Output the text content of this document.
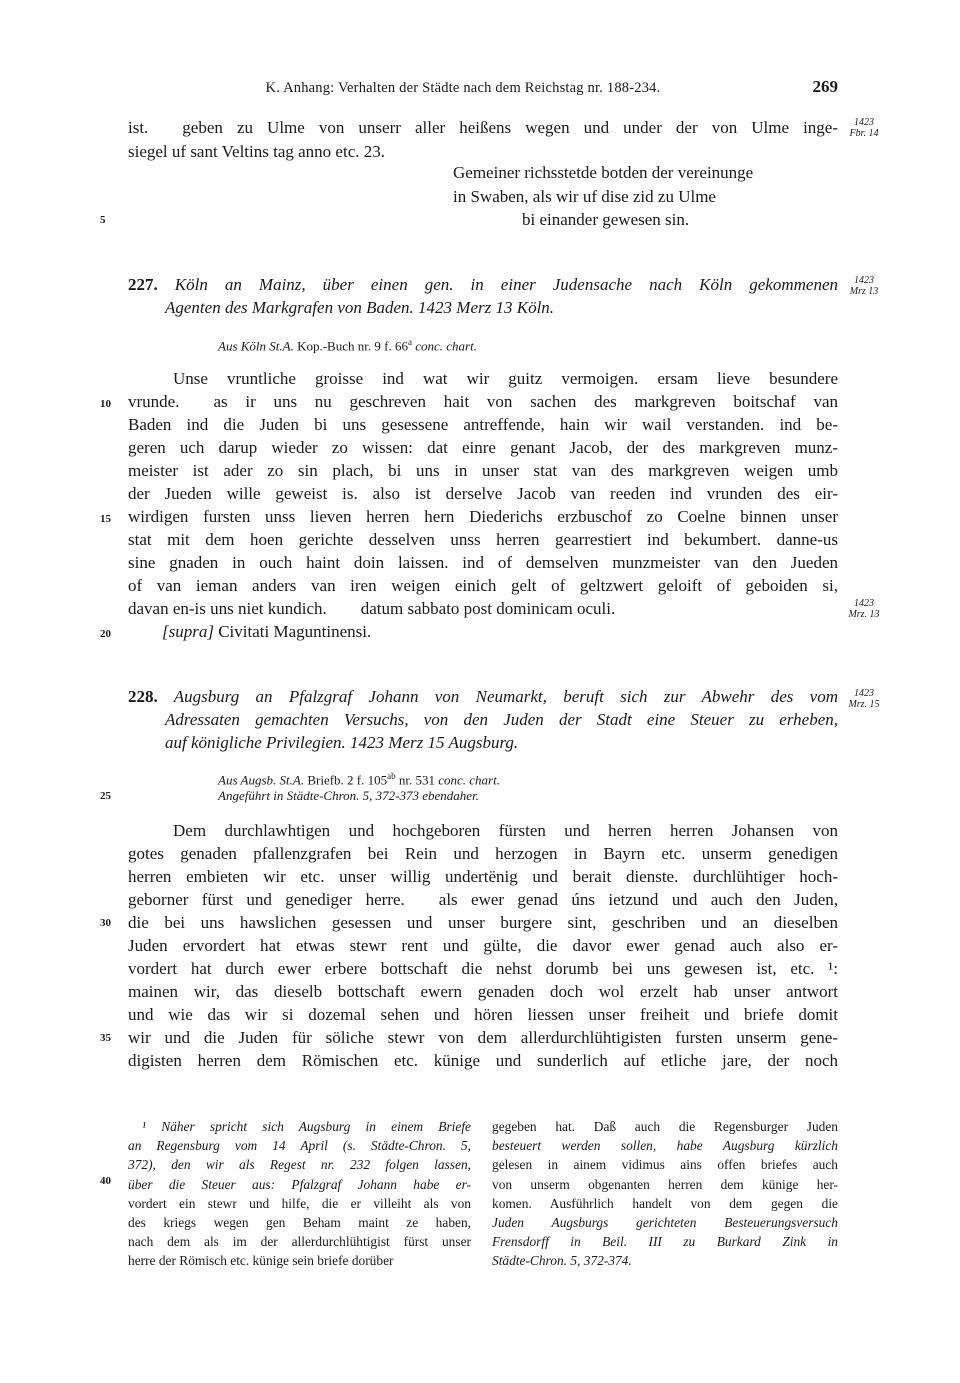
K. Anhang: Verhalten der Städte nach dem Reichstag nr. 188-234.	269
ist.  geben zu Ulme von unserr aller heißens wegen und under der von Ulme inge-
siegel uf sant Veltins tag anno etc. 23.
Gemeiner richsstetde botden der vereinunge
in Swaben, als wir uf dise zid zu Ulme
bi einander gewesen sin.
Unse vruntliche groisse ind wat wir guitz vermoigen. ersam lieve besundere
vrunde.  as ir uns nu geschreven hait von sachen des markgreven boitschaf van
Baden ind die Juden bi uns gesessene antreffende, hain wir wail verstanden. ind be-
geren uch darup wieder zo wissen: dat einre genant Jacob, der des markgreven munz-
meister ist ader zo sin plach, bi uns in unser stat van des markgreven weigen umb
der Jueden wille geweist is. also ist derselve Jacob van reeden ind vrunden des eir-
wirdigen fursten unss lieven herren hern Diederichs erzbuschof zo Coelne binnen unser
stat mit dem hoen gerichte desselven unss herren gearrestiert ind bekumbert. danne-us
sine gnaden in ouch haint doin laissen. ind of demselven munzmeister van den Jueden
of van ieman anders van iren weigen einich gelt of geltzwert geloift of geboiden si,
davan en-is uns niet kundich.  datum sabbato post dominicam oculi.
Dem durchlawhtigen und hochgeboren fürsten und herren herren Johansen von
gotes genaden pfallenzgrafen bei Rein und herzogen in Bayrn etc. unserm genedigen
herren embieten wir etc. unser willig undertënig und berait dienste. durchlühtiger hoch-
geborner fürst und genediger herre.  als ewer genad úns ietzund und auch den Juden,
die bei uns hawslichen gesessen und unser burgere sint, geschriben und an dieselben
Juden ervordert hat etwas stewr rent und gülte, die davor ewer genad auch also er-
vordert hat durch ewer erbere bottschaft die nehst dorumb bei uns gewesen ist, etc. ¹:
mainen wir, das dieselb bottschaft ewern genaden doch wol erzelt hab unser antwort
und wie das wir si dozemal sehen und hören liessen unser freiheit und briefe domit
wir und die Juden für söliche stewr von dem allerdurchlühtigisten fursten unserm gene-
digisten herren dem Römischen etc. künige und sunderlich auf etliche jare, der noch
[supra] Civitati Maguntinensi.
227. Köln an Mainz, über einen gen. in einer Judensache nach Köln gekommenen
Agenten des Markgrafen von Baden. 1423 Merz 13 Köln.
Aus Köln St.A. Kop.-Buch nr. 9 f. 66$^a$ conc. chart.
228. Augsburg an Pfalzgraf Johann von Neumarkt, beruft sich zur Abwehr des vom
Adressaten gemachten Versuchs, von den Juden der Stadt eine Steuer zu erheben,
auf königliche Privilegien. 1423 Merz 15 Augsburg.
Aus Augsb. St.A. Briefb. 2 f. $105^{ab}$ nr. 531 conc. chart.
Angeführt in Städte-Chron. 5, 372-373 ebendaher.
5
10
15
20
25
30
35
40
1423
Fbr. 14
1423
Mrz 13
1423
Mrz. 13
1423
Mrz. 15
¹ Näher spricht sich Augsburg in einem Briefe
an Regensburg vom 14 April (s. Städte-Chron. 5,
372), den wir als Regest nr. 232 folgen lassen,
über die Steuer aus: Pfalzgraf Johann habe er-
vordert ein stewr und hilfe, die er villeiht als von
des kriegs wegen gen Beham maint ze haben,
nach dem als im der allerdurchlühtigist fürst unser
herre der Römisch etc. künige sein briefe dorüber
gegeben hat. Daß auch die Regensburger Juden
besteuert werden sollen, habe Augsburg kürzlich
gelesen in ainem vidimus ains offen briefes auch
von unserm obgenanten herren dem künige her-
komen. Ausführlich handelt von dem gegen die
Juden Augsburgs gerichteten Besteuerungsversuch
Frensdorff in Beil. III zu Burkard Zink in
Städte-Chron. 5, 372-374.
